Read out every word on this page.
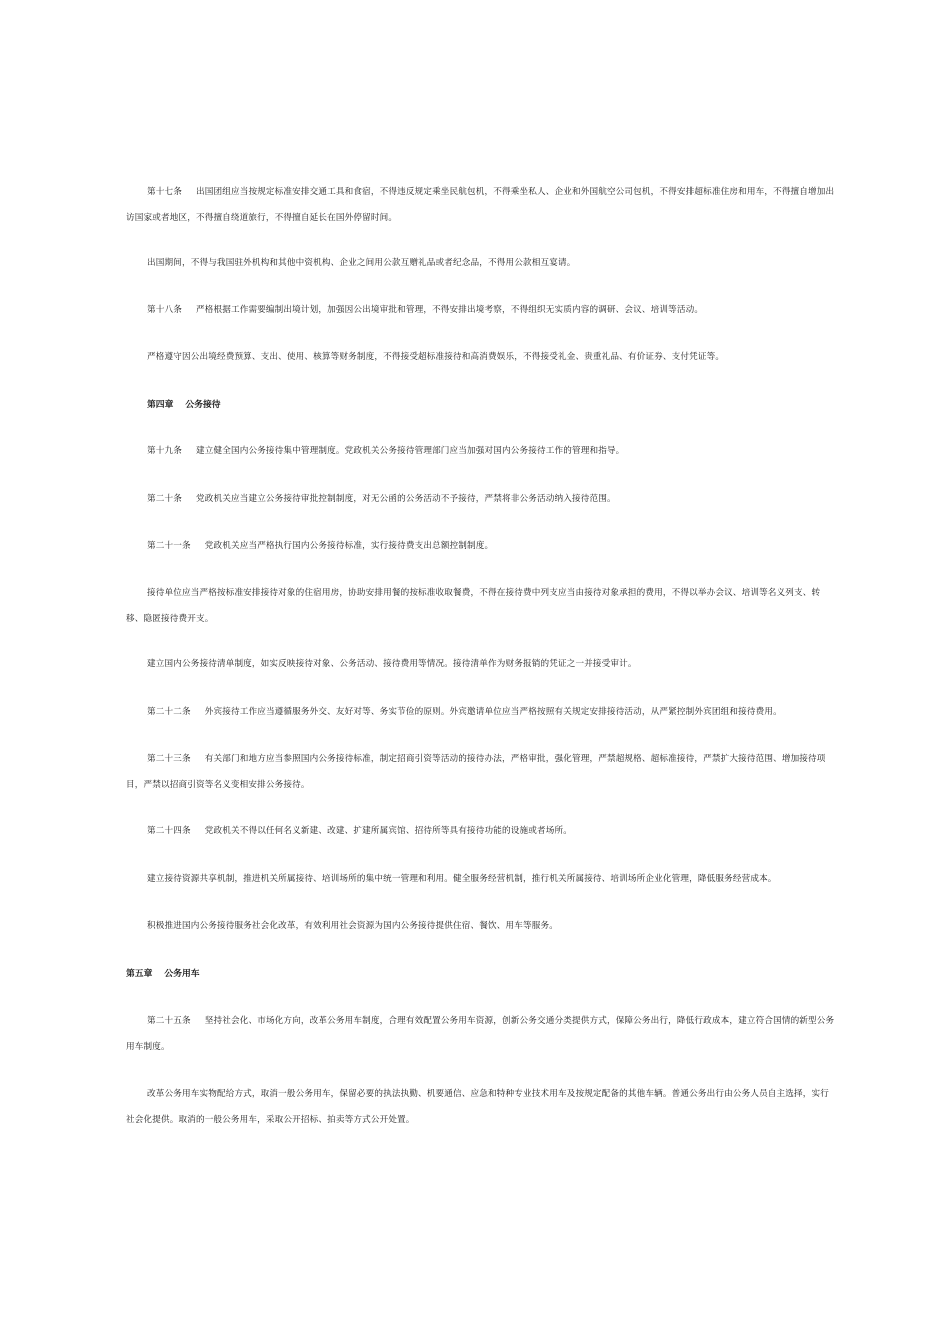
第十七条 出国团组应当按规定标准安排交通工具和食宿，不得违反规定乘坐民航包机，不得乘坐私人、企业和外国航空公司包机，不得安排超标准住房和用车，不得擅自增加出访国家或者地区，不得擅自绕道旅行，不得擅自延长在国外停留时间。

出国期间，不得与我国驻外机构和其他中资机构、企业之间用公款互赠礼品或者纪念品，不得用公款相互宴请。

第十八条 严格根据工作需要编制出境计划，加强因公出境审批和管理，不得安排出境考察，不得组织无实质内容的调研、会议、培训等活动。

严格遵守因公出境经费预算、支出、使用、核算等财务制度，不得接受超标准接待和高消费娱乐，不得接受礼金、贵重礼品、有价证券、支付凭证等。

第四章 公务接待

第十九条 建立健全国内公务接待集中管理制度。党政机关公务接待管理部门应当加强对国内公务接待工作的管理和指导。

第二十条 党政机关应当建立公务接待审批控制制度，对无公函的公务活动不予接待，严禁将非公务活动纳入接待范围。

第二十一条 党政机关应当严格执行国内公务接待标准，实行接待费支出总额控制制度。

接待单位应当严格按标准安排接待对象的住宿用房，协助安排用餐的按标准收取餐费，不得在接待费中列支应当由接待对象承担的费用，不得以举办会议、培训等名义列支、转移、隐匿接待费开支。

建立国内公务接待清单制度，如实反映接待对象、公务活动、接待费用等情况。接待清单作为财务报销的凭证之一并接受审计。

第二十二条 外宾接待工作应当遵循服务外交、友好对等、务实节俭的原则。外宾邀请单位应当严格按照有关规定安排接待活动，从严紧控制外宾团组和接待费用。

第二十三条 有关部门和地方应当参照国内公务接待标准，制定招商引资等活动的接待办法，严格审批，强化管理，严禁超规格、超标准接待，严禁扩大接待范围、增加接待项目，严禁以招商引资等名义变相安排公务接待。

第二十四条 党政机关不得以任何名义新建、改建、扩建所属宾馆、招待所等具有接待功能的设施或者场所。

建立接待资源共享机制，推进机关所属接待、培训场所的集中统一管理和利用。健全服务经营机制，推行机关所属接待、培训场所企业化管理，降低服务经营成本。

积极推进国内公务接待服务社会化改革，有效利用社会资源为国内公务接待提供住宿、餐饮、用车等服务。

第五章 公务用车

第二十五条 坚持社会化、市场化方向，改革公务用车制度，合理有效配置公务用车资源，创新公务交通分类提供方式，保障公务出行，降低行政成本，建立符合国情的新型公务用车制度。

改革公务用车实物配给方式，取消一般公务用车，保留必要的执法执勤、机要通信、应急和特种专业技术用车及按规定配备的其他车辆。普通公务出行由公务人员自主选择，实行社会化提供。取消的一般公务用车，采取公开招标、拍卖等方式公开处置。
